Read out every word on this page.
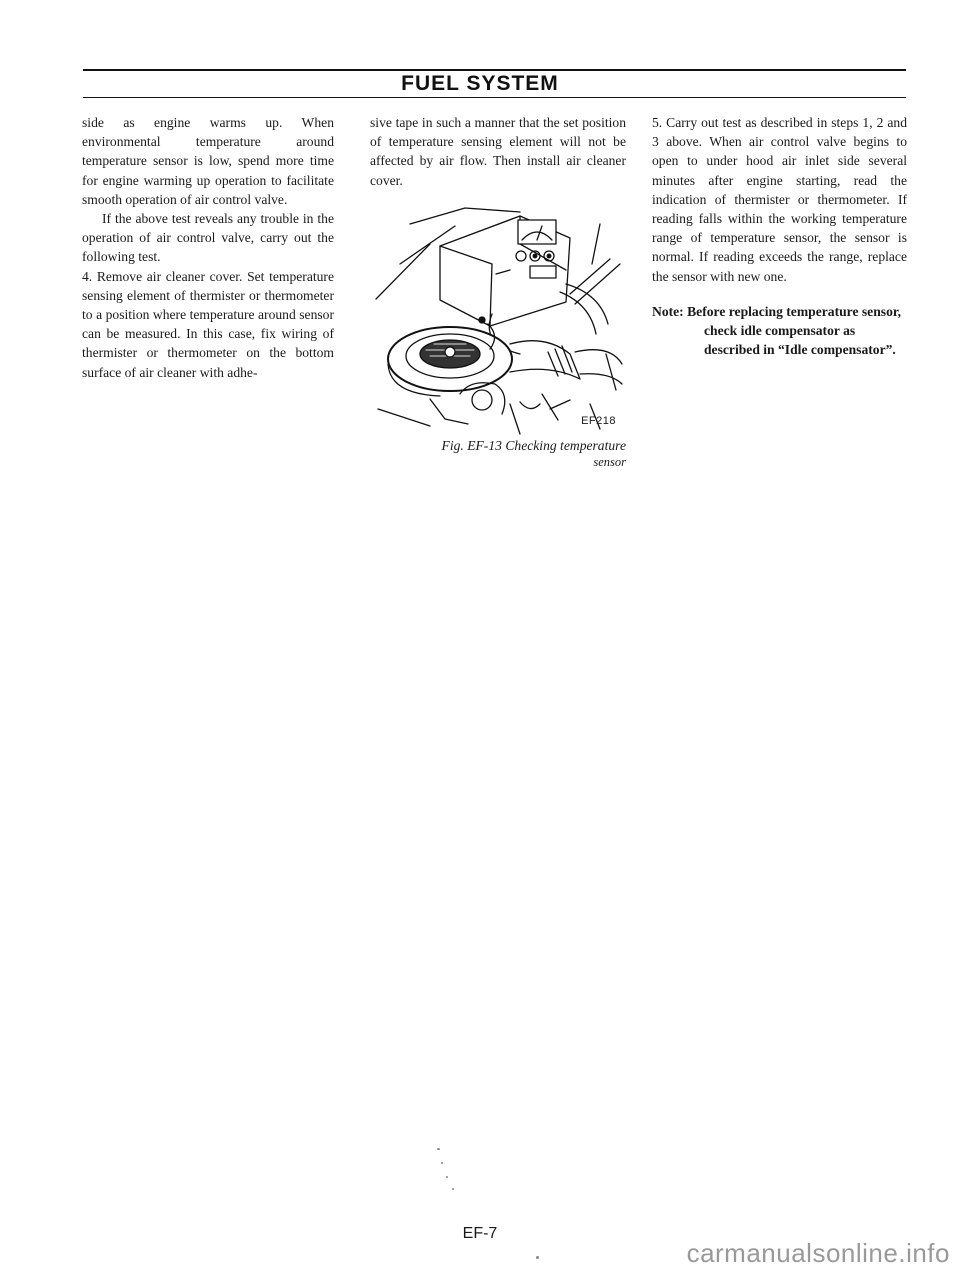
FUEL SYSTEM

side as engine warms up. When environmental temperature around temperature sensor is low, spend more time for engine warming up operation to facilitate smooth operation of air control valve.

If the above test reveals any trouble in the operation of air control valve, carry out the following test.

4. Remove air cleaner cover. Set temperature sensing element of thermister or thermometer to a position where temperature around sensor can be measured. In this case, fix wiring of thermister or thermometer on the bottom surface of air cleaner with adhe-

sive tape in such a manner that the set position of temperature sensing element will not be affected by air flow. Then install air cleaner cover.

EF218
Fig. EF-13 Checking temperature
sensor

5. Carry out test as described in steps 1, 2 and 3 above. When air control valve begins to open to under hood air inlet side several minutes after engine starting, read the indication of thermister or thermometer. If reading falls within the working temperature range of temperature sensor, the sensor is normal. If reading exceeds the range, replace the sensor with new one.

Note: Before replacing temperature sensor, check idle compensator as described in “Idle compensator”.

EF-7
carmanualsonline.info
